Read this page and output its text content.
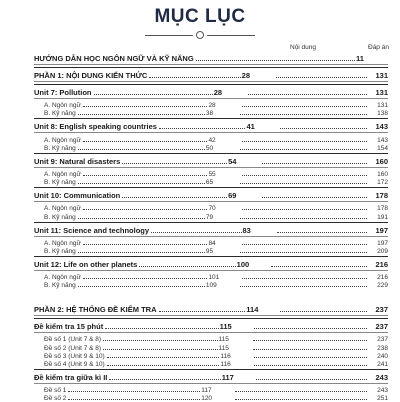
MỤC LỤC
Nội dung	Đáp án
HƯỚNG DẪN HỌC NGÔN NGỮ VÀ KỸ NĂNG	11
PHẦN 1: NỘI DUNG KIẾN THỨC	28	131
Unit 7: Pollution	28	131
A. Ngôn ngữ	28	131
B. Kỹ năng	38	138
Unit 8: English speaking countries	41	143
A. Ngôn ngữ	42	143
B. Kỹ năng	50	154
Unit 9: Natural disasters	54	160
A. Ngôn ngữ	55	160
B. Kỹ năng	65	172
Unit 10: Communication	69	178
A. Ngôn ngữ	70	178
B. Kỹ năng	79	191
Unit 11: Science and technology	83	197
A. Ngôn ngữ	84	197
B. Kỹ năng	95	209
Unit 12: Life on other planets	100	216
A. Ngôn ngữ	101	216
B. Kỹ năng	109	229
PHẦN 2: HỆ THỐNG ĐỀ KIỂM TRA	114	237
Đề kiểm tra 15 phút	115	237
Đề số 1 (Unit 7 & 8)	115	237
Đề số 2 (Unit 7 & 8)	115	238
Đề số 3 (Unit 9 & 10)	116	240
Đề số 4 (Unit 9 & 10)	116	241
Đề kiểm tra giữa kì II	117	243
Đề số 1	117	243
Đề số 2	120	251
